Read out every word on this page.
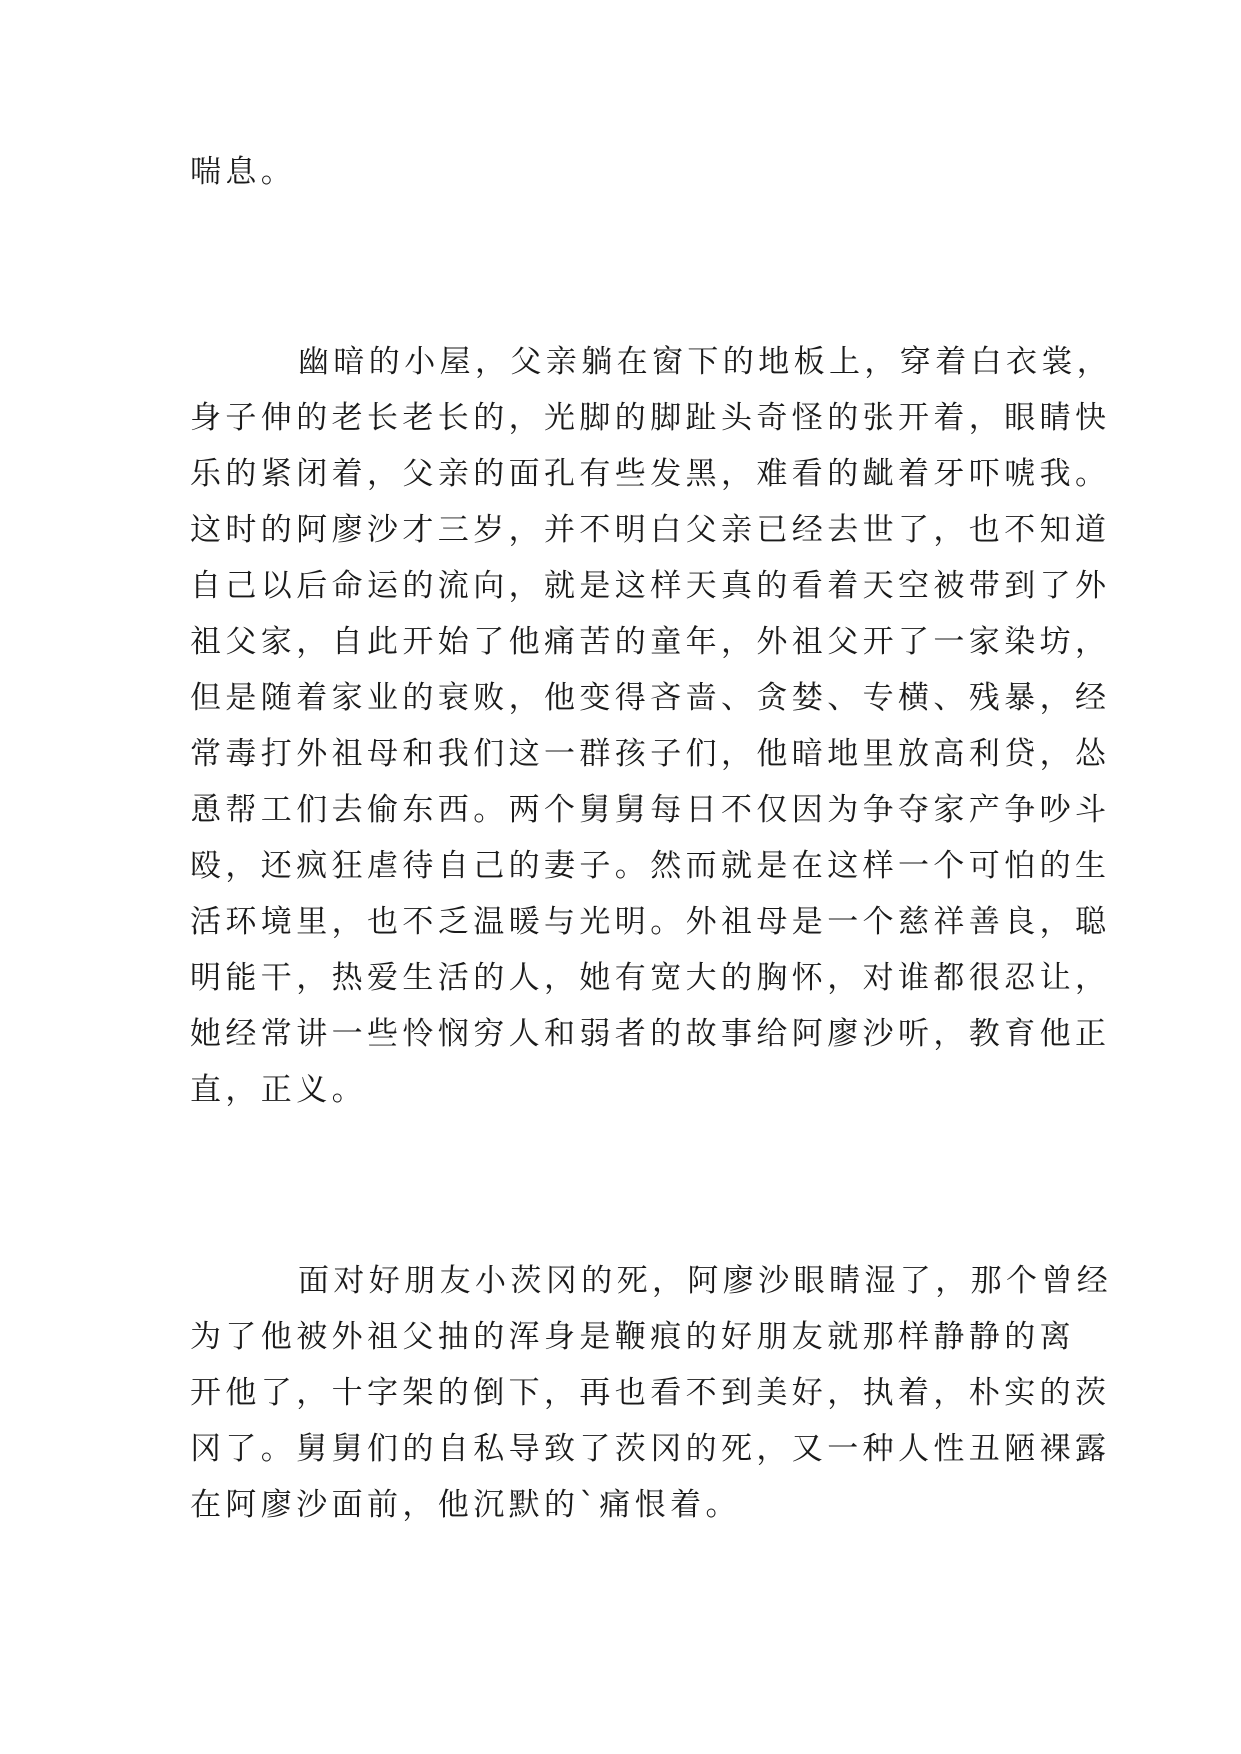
喘息。
幽暗的小屋，父亲躺在窗下的地板上，穿着白衣裳，
身子伸的老长老长的，光脚的脚趾头奇怪的张开着，眼睛快
乐的紧闭着，父亲的面孔有些发黑，难看的龇着牙吓唬我。
这时的阿廖沙才三岁，并不明白父亲已经去世了，也不知道
自己以后命运的流向，就是这样天真的看着天空被带到了外
祖父家，自此开始了他痛苦的童年，外祖父开了一家染坊，
但是随着家业的衰败，他变得吝啬、贪婪、专横、残暴，经
常毒打外祖母和我们这一群孩子们，他暗地里放高利贷，怂
恿帮工们去偷东西。两个舅舅每日不仅因为争夺家产争吵斗
殴，还疯狂虐待自己的妻子。然而就是在这样一个可怕的生
活环境里，也不乏温暖与光明。外祖母是一个慈祥善良，聪
明能干，热爱生活的人，她有宽大的胸怀，对谁都很忍让，
她经常讲一些怜悯穷人和弱者的故事给阿廖沙听，教育他正
直，正义。
面对好朋友小茨冈的死，阿廖沙眼睛湿了，那个曾经
为了他被外祖父抽的浑身是鞭痕的好朋友就那样静静的离
开他了，十字架的倒下，再也看不到美好，执着，朴实的茨
冈了。舅舅们的自私导致了茨冈的死，又一种人性丑陋裸露
在阿廖沙面前，他沉默的`痛恨着。
